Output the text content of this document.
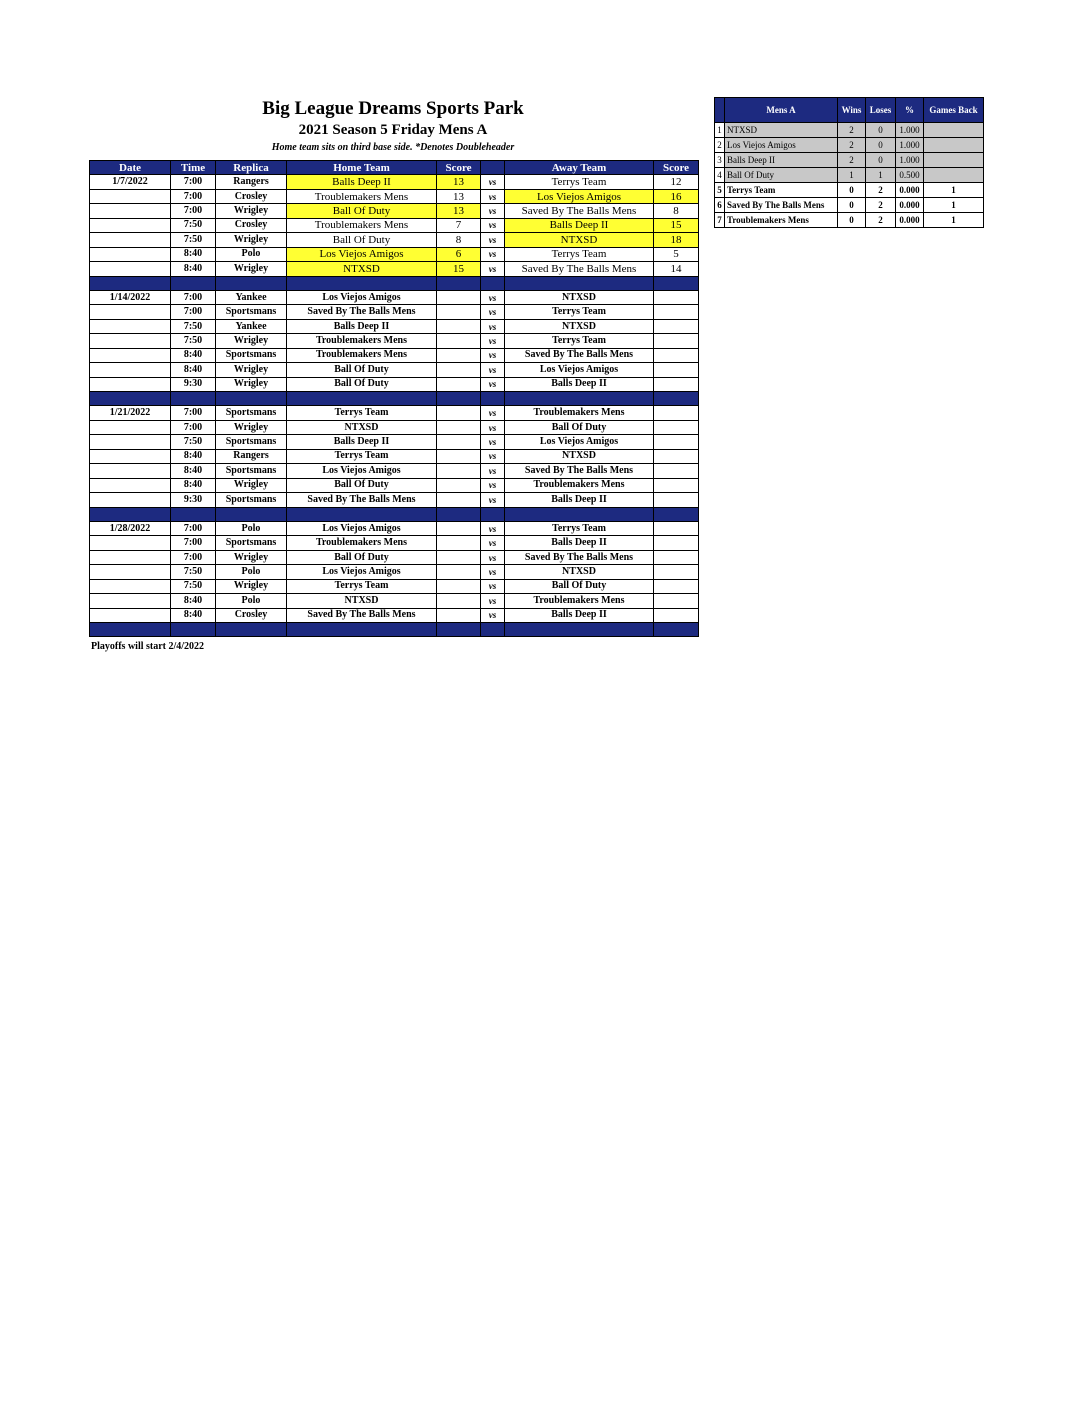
Big League Dreams Sports Park
2021 Season 5 Friday Mens A
Home team sits on third base side. *Denotes Doubleheader
Date	Time	Replica	Home Team	Score		Away Team	Score
1/7/2022	7:00	Rangers	Balls Deep II	13	vs	Terrys Team	12
	7:00	Crosley	Troublemakers Mens	13	vs	Los Viejos Amigos	16
	7:00	Wrigley	Ball Of Duty	13	vs	Saved By The Balls Mens	8
	7:50	Crosley	Troublemakers Mens	7	vs	Balls Deep II	15
	7:50	Wrigley	Ball Of Duty	8	vs	NTXSD	18
	8:40	Polo	Los Viejos Amigos	6	vs	Terrys Team	5
	8:40	Wrigley	NTXSD	15	vs	Saved By The Balls Mens	14

1/14/2022	7:00	Yankee	Los Viejos Amigos		vs	NTXSD	
	7:00	Sportsmans	Saved By The Balls Mens		vs	Terrys Team	
	7:50	Yankee	Balls Deep II		vs	NTXSD	
	7:50	Wrigley	Troublemakers Mens		vs	Terrys Team	
	8:40	Sportsmans	Troublemakers Mens		vs	Saved By The Balls Mens	
	8:40	Wrigley	Ball Of Duty		vs	Los Viejos Amigos	
	9:30	Wrigley	Ball Of Duty		vs	Balls Deep II	

1/21/2022	7:00	Sportsmans	Terrys Team		vs	Troublemakers Mens	
	7:00	Wrigley	NTXSD		vs	Ball Of Duty	
	7:50	Sportsmans	Balls Deep II		vs	Los Viejos Amigos	
	8:40	Rangers	Terrys Team		vs	NTXSD	
	8:40	Sportsmans	Los Viejos Amigos		vs	Saved By The Balls Mens	
	8:40	Wrigley	Ball Of Duty		vs	Troublemakers Mens	
	9:30	Sportsmans	Saved By The Balls Mens		vs	Balls Deep II	

1/28/2022	7:00	Polo	Los Viejos Amigos		vs	Terrys Team	
	7:00	Sportsmans	Troublemakers Mens		vs	Balls Deep II	
	7:00	Wrigley	Ball Of Duty		vs	Saved By The Balls Mens	
	7:50	Polo	Los Viejos Amigos		vs	NTXSD	
	7:50	Wrigley	Terrys Team		vs	Ball Of Duty	
	8:40	Polo	NTXSD		vs	Troublemakers Mens	
	8:40	Crosley	Saved By The Balls Mens		vs	Balls Deep II	

Playoffs will start 2/4/2022
	Mens A	Wins	Loses	%	Games Back
1	NTXSD	2	0	1.000	
2	Los Viejos Amigos	2	0	1.000	
3	Balls Deep II	2	0	1.000	
4	Ball Of Duty	1	1	0.500	
5	Terrys Team	0	2	0.000	1
6	Saved By The Balls Mens	0	2	0.000	1
7	Troublemakers Mens	0	2	0.000	1
